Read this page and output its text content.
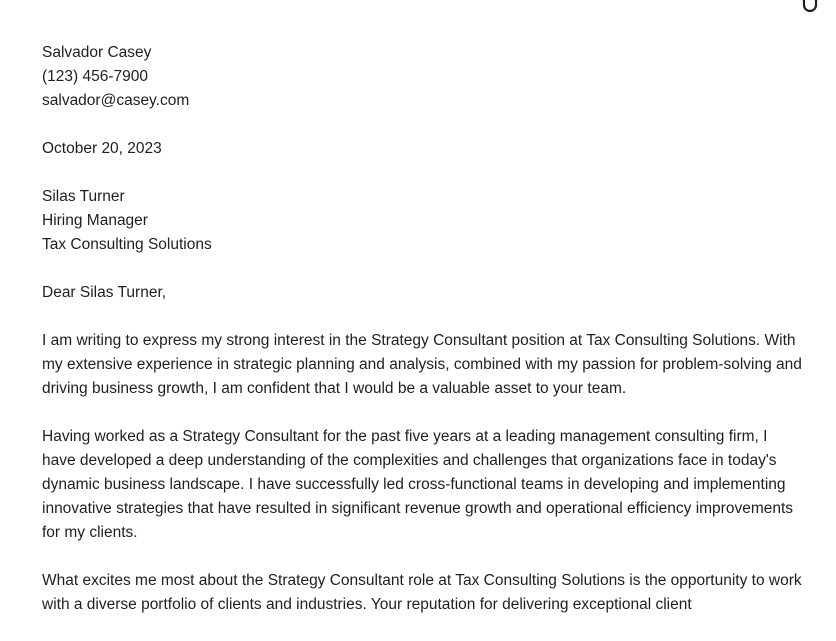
Salvador Casey
(123) 456-7900
salvador@casey.com
October 20, 2023
Silas Turner
Hiring Manager
Tax Consulting Solutions
Dear Silas Turner,

I am writing to express my strong interest in the Strategy Consultant position at Tax Consulting Solutions. With my extensive experience in strategic planning and analysis, combined with my passion for problem-solving and driving business growth, I am confident that I would be a valuable asset to your team.

Having worked as a Strategy Consultant for the past five years at a leading management consulting firm, I have developed a deep understanding of the complexities and challenges that organizations face in today's dynamic business landscape. I have successfully led cross-functional teams in developing and implementing innovative strategies that have resulted in significant revenue growth and operational efficiency improvements for my clients.

What excites me most about the Strategy Consultant role at Tax Consulting Solutions is the opportunity to work with a diverse portfolio of clients and industries. Your reputation for delivering exceptional client
